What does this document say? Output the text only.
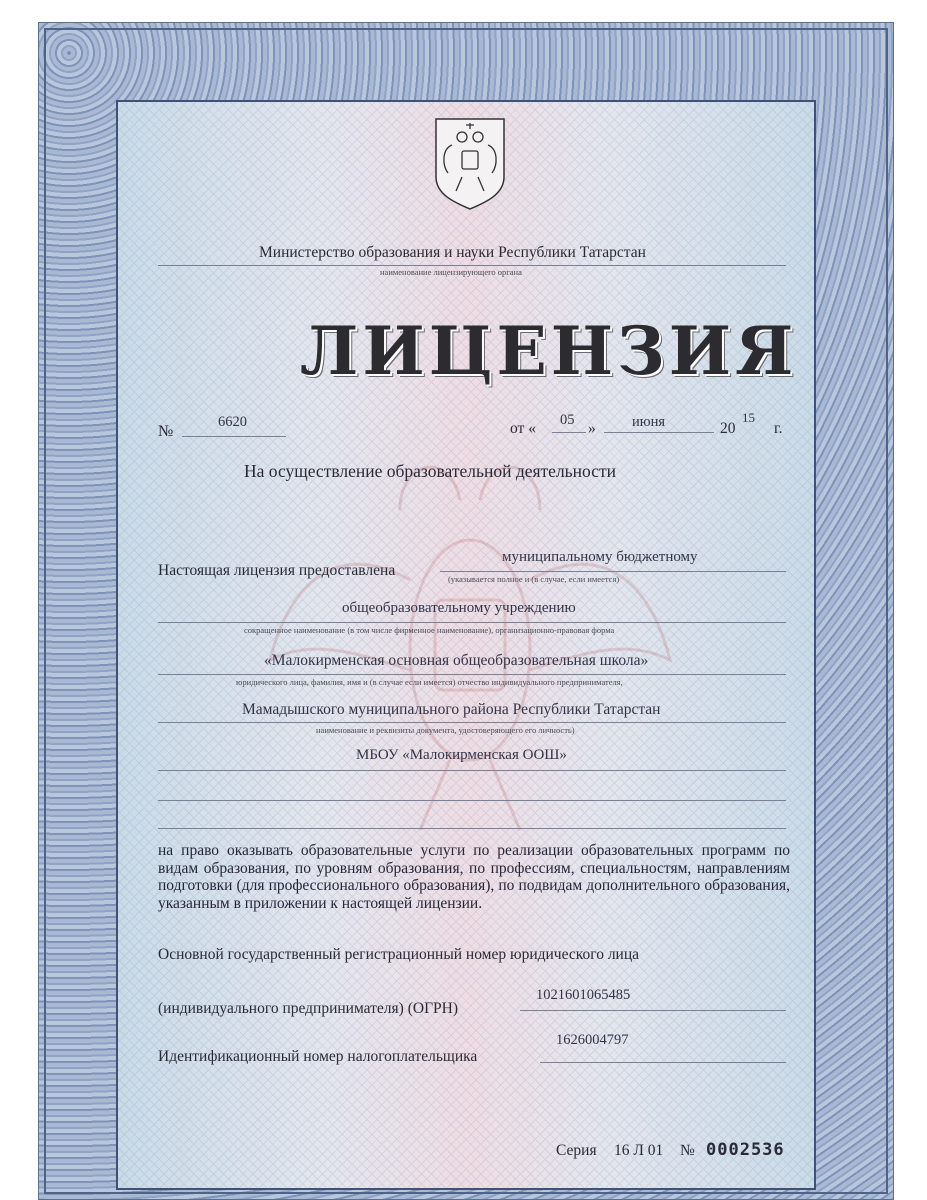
Министерство образования и науки Республики Татарстан
наименование лицензирующего органа
ЛИЦЕНЗИЯ
№
6620	от « 05 »	июня	20
15
г.
На осуществление образовательной деятельности
Настоящая лицензия предоставлена
муниципальному бюджетному
(указывается полное и (в случае, если имеется)
общеобразовательному учреждению
сокращенное наименование (в том числе фирменное наименование), организационно-правовая форма
«Малокирменская основная общеобразовательная школа»
юридического лица, фамилия, имя и (в случае если имеется) отчество индивидуального предпринимателя,
Мамадышского муниципального района Республики Татарстан
наименование и реквизиты документа, удостоверяющего его личность)
МБОУ «Малокирменская ООШ»
на право оказывать образовательные услуги по реализации образовательных программ по видам образования, по уровням образования, по профессиям, специальностям, направлениям подготовки (для профессионального образования), по подвидам дополнительного образования, указанным в приложении к настоящей лицензии.
Основной государственный регистрационный номер юридического лица
(индивидуального предпринимателя) (ОГРН)
1021601065485
Идентификационный номер налогоплательщика
1626004797
Серия 16 Л 01 № 0002536
